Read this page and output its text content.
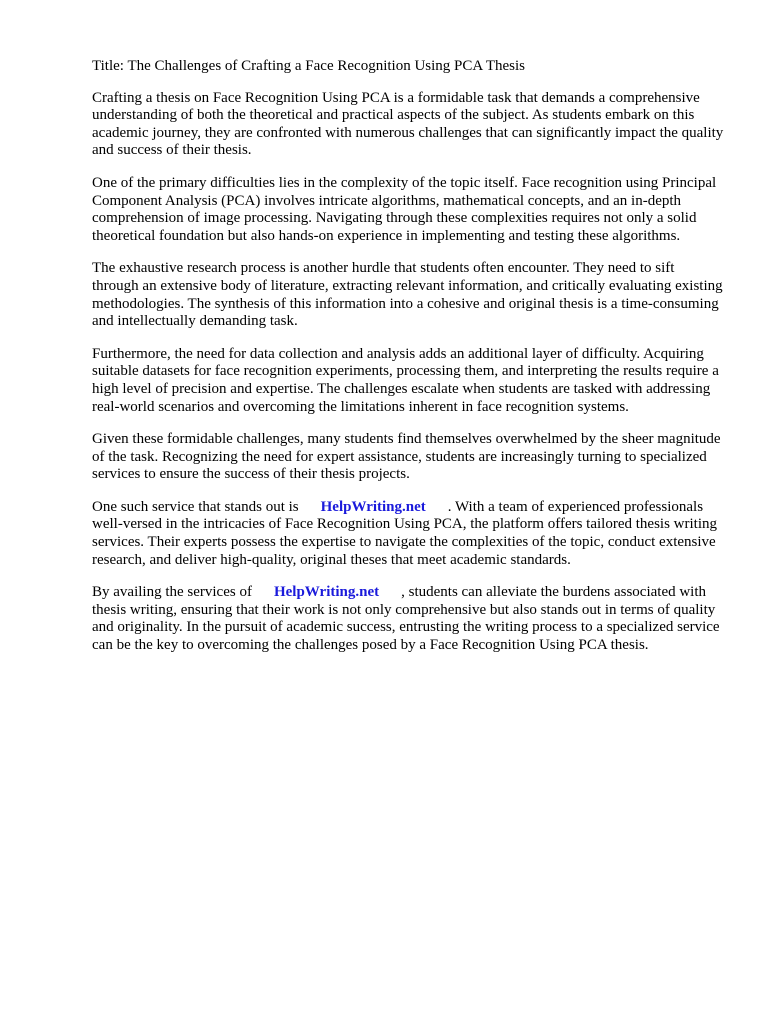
Title: The Challenges of Crafting a Face Recognition Using PCA Thesis

Crafting a thesis on Face Recognition Using PCA is a formidable task that demands a comprehensive understanding of both the theoretical and practical aspects of the subject. As students embark on this academic journey, they are confronted with numerous challenges that can significantly impact the quality and success of their thesis.

One of the primary difficulties lies in the complexity of the topic itself. Face recognition using Principal Component Analysis (PCA) involves intricate algorithms, mathematical concepts, and an in-depth comprehension of image processing. Navigating through these complexities requires not only a solid theoretical foundation but also hands-on experience in implementing and testing these algorithms.

The exhaustive research process is another hurdle that students often encounter. They need to sift through an extensive body of literature, extracting relevant information, and critically evaluating existing methodologies. The synthesis of this information into a cohesive and original thesis is a time-consuming and intellectually demanding task.

Furthermore, the need for data collection and analysis adds an additional layer of difficulty. Acquiring suitable datasets for face recognition experiments, processing them, and interpreting the results require a high level of precision and expertise. The challenges escalate when students are tasked with addressing real-world scenarios and overcoming the limitations inherent in face recognition systems.

Given these formidable challenges, many students find themselves overwhelmed by the sheer magnitude of the task. Recognizing the need for expert assistance, students are increasingly turning to specialized services to ensure the success of their thesis projects.

One such service that stands out is HelpWriting.net . With a team of experienced professionals well-versed in the intricacies of Face Recognition Using PCA, the platform offers tailored thesis writing services. Their experts possess the expertise to navigate the complexities of the topic, conduct extensive research, and deliver high-quality, original theses that meet academic standards.

By availing the services of HelpWriting.net , students can alleviate the burdens associated with thesis writing, ensuring that their work is not only comprehensive but also stands out in terms of quality and originality. In the pursuit of academic success, entrusting the writing process to a specialized service can be the key to overcoming the challenges posed by a Face Recognition Using PCA thesis.
